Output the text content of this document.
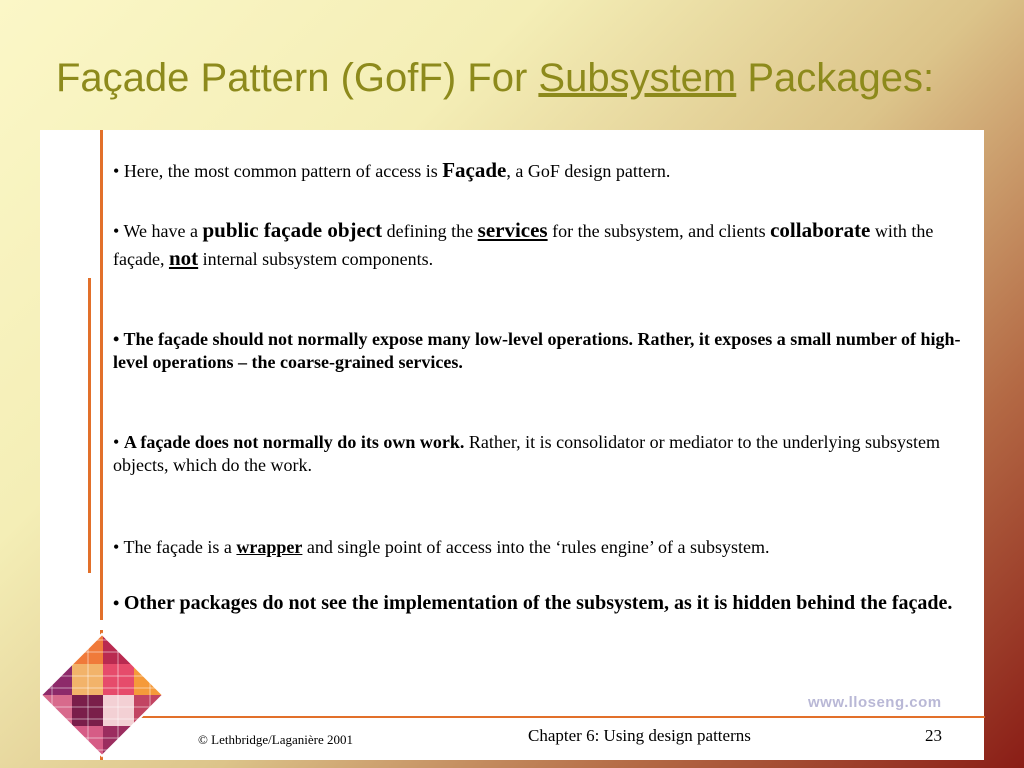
Façade Pattern (GofF) For Subsystem Packages:

• Here, the most common pattern of access is Façade, a GoF design pattern.

• We have a public façade object defining the services for the subsystem, and clients collaborate with the façade, not internal subsystem components.

• The façade should not normally expose many low-level operations. Rather, it exposes a small number of high-level operations – the coarse-grained services.

• A façade does not normally do its own work. Rather, it is consolidator or mediator to the underlying subsystem objects, which do the work.

• The façade is a wrapper and single point of access into the ‘rules engine’ of a subsystem.

• Other packages do not see the implementation of the subsystem, as it is hidden behind the façade.

www.lloseng.com
© Lethbridge/Laganière 2001	Chapter 6: Using design patterns	23
